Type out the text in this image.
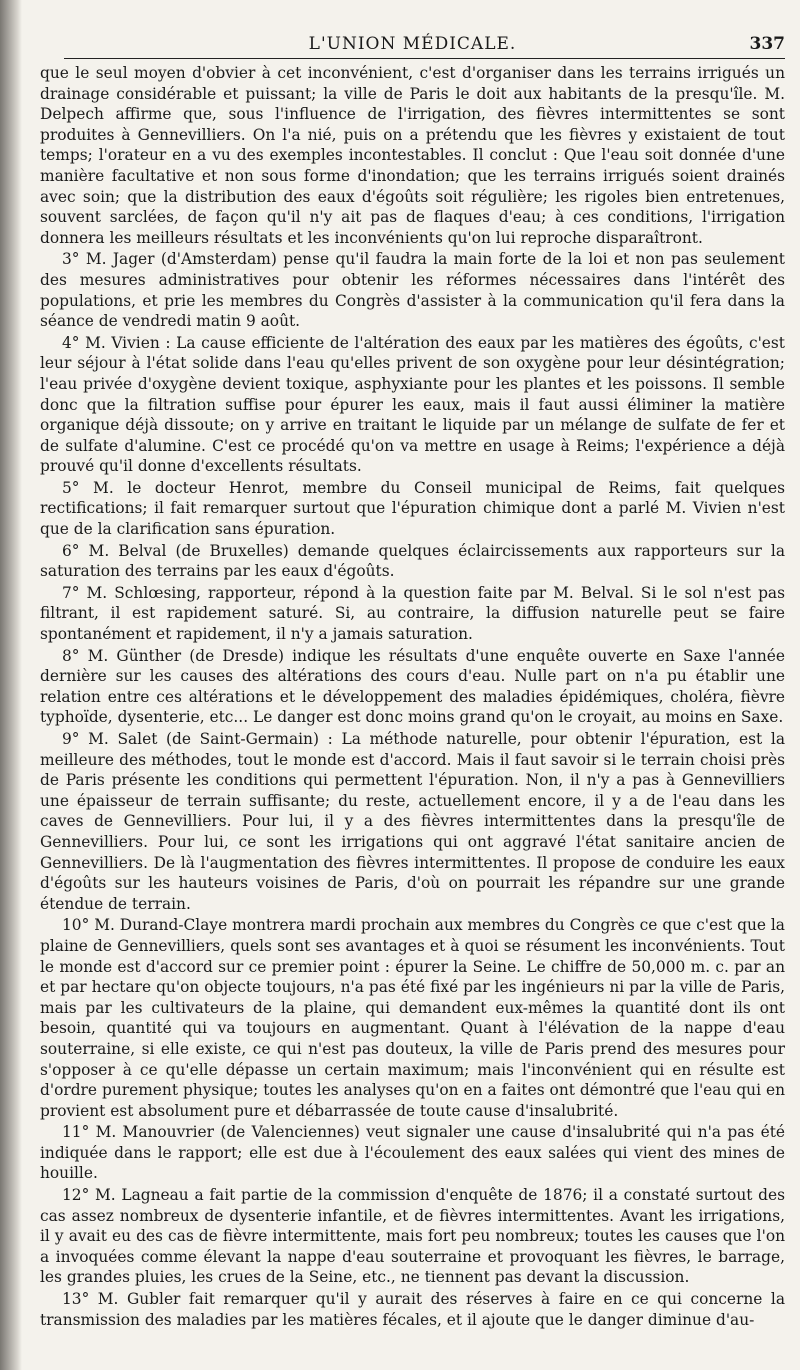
L'UNION MÉDICALE.	337

que le seul moyen d'obvier à cet inconvénient, c'est d'organiser dans les terrains irrigués un drainage considérable et puissant; la ville de Paris le doit aux habitants de la presqu'île. M. Delpech affirme que, sous l'influence de l'irrigation, des fièvres intermittentes se sont produites à Gennevilliers. On l'a nié, puis on a prétendu que les fièvres y existaient de tout temps; l'orateur en a vu des exemples incontestables. Il conclut : Que l'eau soit donnée d'une manière facultative et non sous forme d'inondation; que les terrains irrigués soient drainés avec soin; que la distribution des eaux d'égoûts soit régulière; les rigoles bien entretenues, souvent sarclées, de façon qu'il n'y ait pas de flaques d'eau; à ces conditions, l'irrigation donnera les meilleurs résultats et les inconvénients qu'on lui reproche disparaîtront.

3° M. Jager (d'Amsterdam) pense qu'il faudra la main forte de la loi et non pas seulement des mesures administratives pour obtenir les réformes nécessaires dans l'intérêt des populations, et prie les membres du Congrès d'assister à la communication qu'il fera dans la séance de vendredi matin 9 août.

4° M. Vivien : La cause efficiente de l'altération des eaux par les matières des égoûts, c'est leur séjour à l'état solide dans l'eau qu'elles privent de son oxygène pour leur désintégration; l'eau privée d'oxygène devient toxique, asphyxiante pour les plantes et les poissons. Il semble donc que la filtration suffise pour épurer les eaux, mais il faut aussi éliminer la matière organique déjà dissoute; on y arrive en traitant le liquide par un mélange de sulfate de fer et de sulfate d'alumine. C'est ce procédé qu'on va mettre en usage à Reims; l'expérience a déjà prouvé qu'il donne d'excellents résultats.

5° M. le docteur Henrot, membre du Conseil municipal de Reims, fait quelques rectifications; il fait remarquer surtout que l'épuration chimique dont a parlé M. Vivien n'est que de la clarification sans épuration.

6° M. Belval (de Bruxelles) demande quelques éclaircissements aux rapporteurs sur la saturation des terrains par les eaux d'égoûts.

7° M. Schlœsing, rapporteur, répond à la question faite par M. Belval. Si le sol n'est pas filtrant, il est rapidement saturé. Si, au contraire, la diffusion naturelle peut se faire spontanément et rapidement, il n'y a jamais saturation.

8° M. Günther (de Dresde) indique les résultats d'une enquête ouverte en Saxe l'année dernière sur les causes des altérations des cours d'eau. Nulle part on n'a pu établir une relation entre ces altérations et le développement des maladies épidémiques, choléra, fièvre typhoïde, dysenterie, etc... Le danger est donc moins grand qu'on le croyait, au moins en Saxe.

9° M. Salet (de Saint-Germain) : La méthode naturelle, pour obtenir l'épuration, est la meilleure des méthodes, tout le monde est d'accord. Mais il faut savoir si le terrain choisi près de Paris présente les conditions qui permettent l'épuration. Non, il n'y a pas à Gennevilliers une épaisseur de terrain suffisante; du reste, actuellement encore, il y a de l'eau dans les caves de Gennevilliers. Pour lui, il y a des fièvres intermittentes dans la presqu'île de Gennevilliers. Pour lui, ce sont les irrigations qui ont aggravé l'état sanitaire ancien de Gennevilliers. De là l'augmentation des fièvres intermittentes. Il propose de conduire les eaux d'égoûts sur les hauteurs voisines de Paris, d'où on pourrait les répandre sur une grande étendue de terrain.

10° M. Durand-Claye montrera mardi prochain aux membres du Congrès ce que c'est que la plaine de Gennevilliers, quels sont ses avantages et à quoi se résument les inconvénients. Tout le monde est d'accord sur ce premier point : épurer la Seine. Le chiffre de 50,000 m. c. par an et par hectare qu'on objecte toujours, n'a pas été fixé par les ingénieurs ni par la ville de Paris, mais par les cultivateurs de la plaine, qui demandent eux-mêmes la quantité dont ils ont besoin, quantité qui va toujours en augmentant. Quant à l'élévation de la nappe d'eau souterraine, si elle existe, ce qui n'est pas douteux, la ville de Paris prend des mesures pour s'opposer à ce qu'elle dépasse un certain maximum; mais l'inconvénient qui en résulte est d'ordre purement physique; toutes les analyses qu'on en a faites ont démontré que l'eau qui en provient est absolument pure et débarrassée de toute cause d'insalubrité.

11° M. Manouvrier (de Valenciennes) veut signaler une cause d'insalubrité qui n'a pas été indiquée dans le rapport; elle est due à l'écoulement des eaux salées qui vient des mines de houille.

12° M. Lagneau a fait partie de la commission d'enquête de 1876; il a constaté surtout des cas assez nombreux de dysenterie infantile, et de fièvres intermittentes. Avant les irrigations, il y avait eu des cas de fièvre intermittente, mais fort peu nombreux; toutes les causes que l'on a invoquées comme élevant la nappe d'eau souterraine et provoquant les fièvres, le barrage, les grandes pluies, les crues de la Seine, etc., ne tiennent pas devant la discussion.

13° M. Gubler fait remarquer qu'il y aurait des réserves à faire en ce qui concerne la transmission des maladies par les matières fécales, et il ajoute que le danger diminue d'au-
